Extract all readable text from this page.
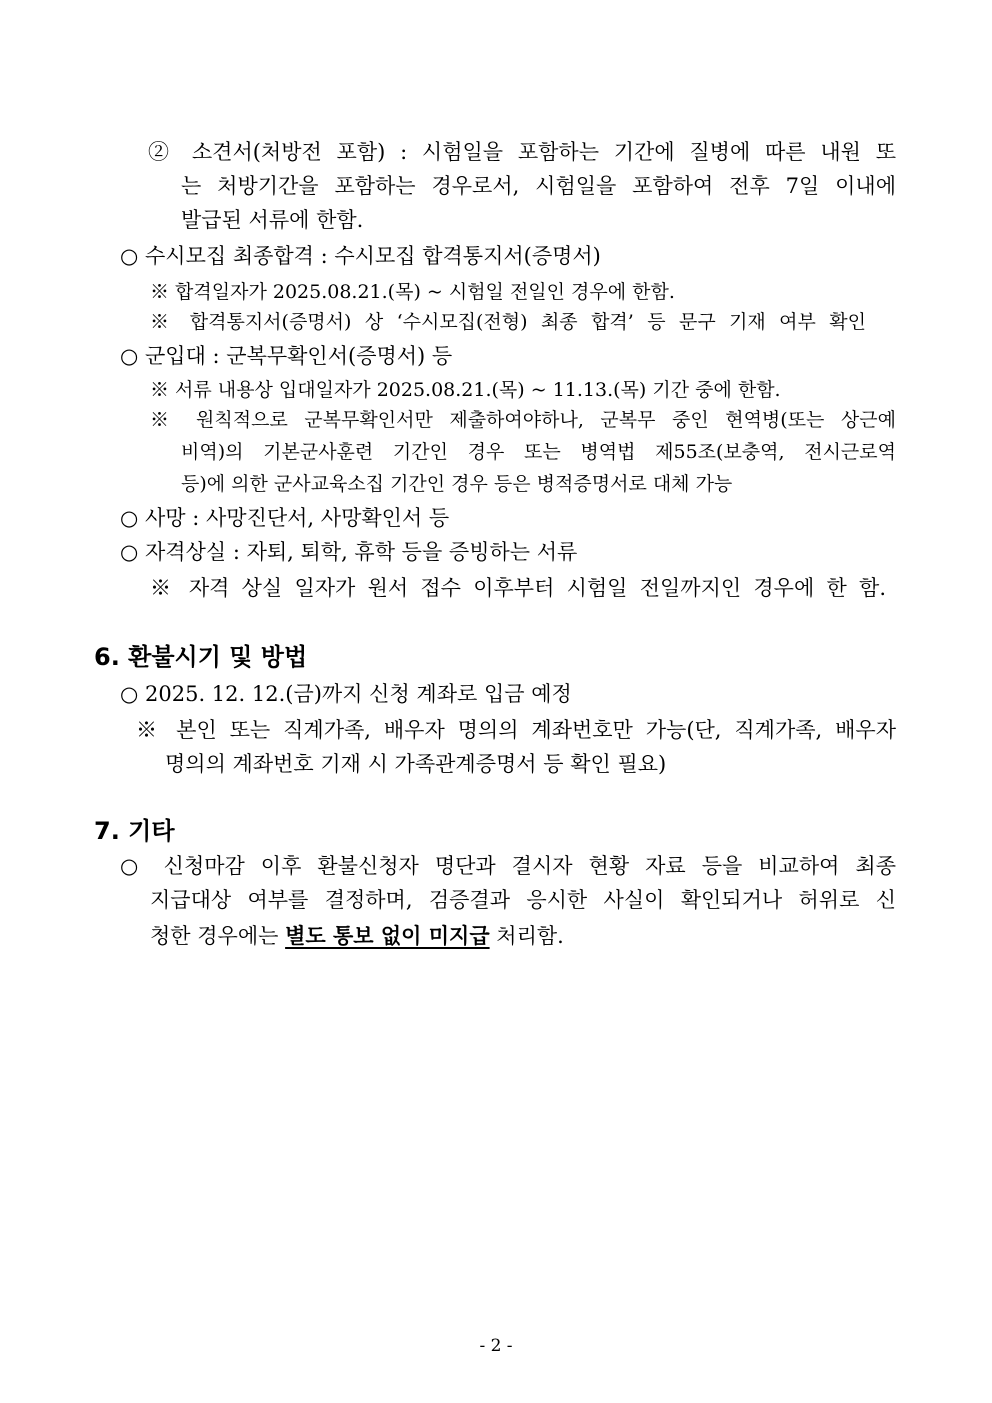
② 소견서(처방전 포함) : 시험일을 포함하는 기간에 질병에 따른 내원 또
는 처방기간을 포함하는 경우로서, 시험일을 포함하여 전후 7일 이내에
발급된 서류에 한함.
○ 수시모집 최종합격 : 수시모집 합격통지서(증명서)
※ 합격일자가 2025.08.21.(목) ~ 시험일 전일인 경우에 한함.
※ 합격통지서(증명서) 상 ‘수시모집(전형) 최종 합격’ 등 문구 기재 여부 확인
○ 군입대 : 군복무확인서(증명서) 등
※ 서류 내용상 입대일자가 2025.08.21.(목) ~ 11.13.(목) 기간 중에 한함.
※ 원칙적으로 군복무확인서만 제출하여야하나, 군복무 중인 현역병(또는 상근예
비역)의 기본군사훈련 기간인 경우 또는 병역법 제55조(보충역, 전시근로역
등)에 의한 군사교육소집 기간인 경우 등은 병적증명서로 대체 가능
○ 사망 : 사망진단서, 사망확인서 등
○ 자격상실 : 자퇴, 퇴학, 휴학 등을 증빙하는 서류
※ 자격 상실 일자가 원서 접수 이후부터 시험일 전일까지인 경우에 한 함.
6. 환불시기 및 방법
○ 2025. 12. 12.(금)까지 신청 계좌로 입금 예정
※ 본인 또는 직계가족, 배우자 명의의 계좌번호만 가능(단, 직계가족, 배우자
명의의 계좌번호 기재 시 가족관계증명서 등 확인 필요)
7. 기타
○ 신청마감 이후 환불신청자 명단과 결시자 현황 자료 등을 비교하여 최종
지급대상 여부를 결정하며, 검증결과 응시한 사실이 확인되거나 허위로 신
청한 경우에는 별도 통보 없이 미지급 처리함.
- 2 -
